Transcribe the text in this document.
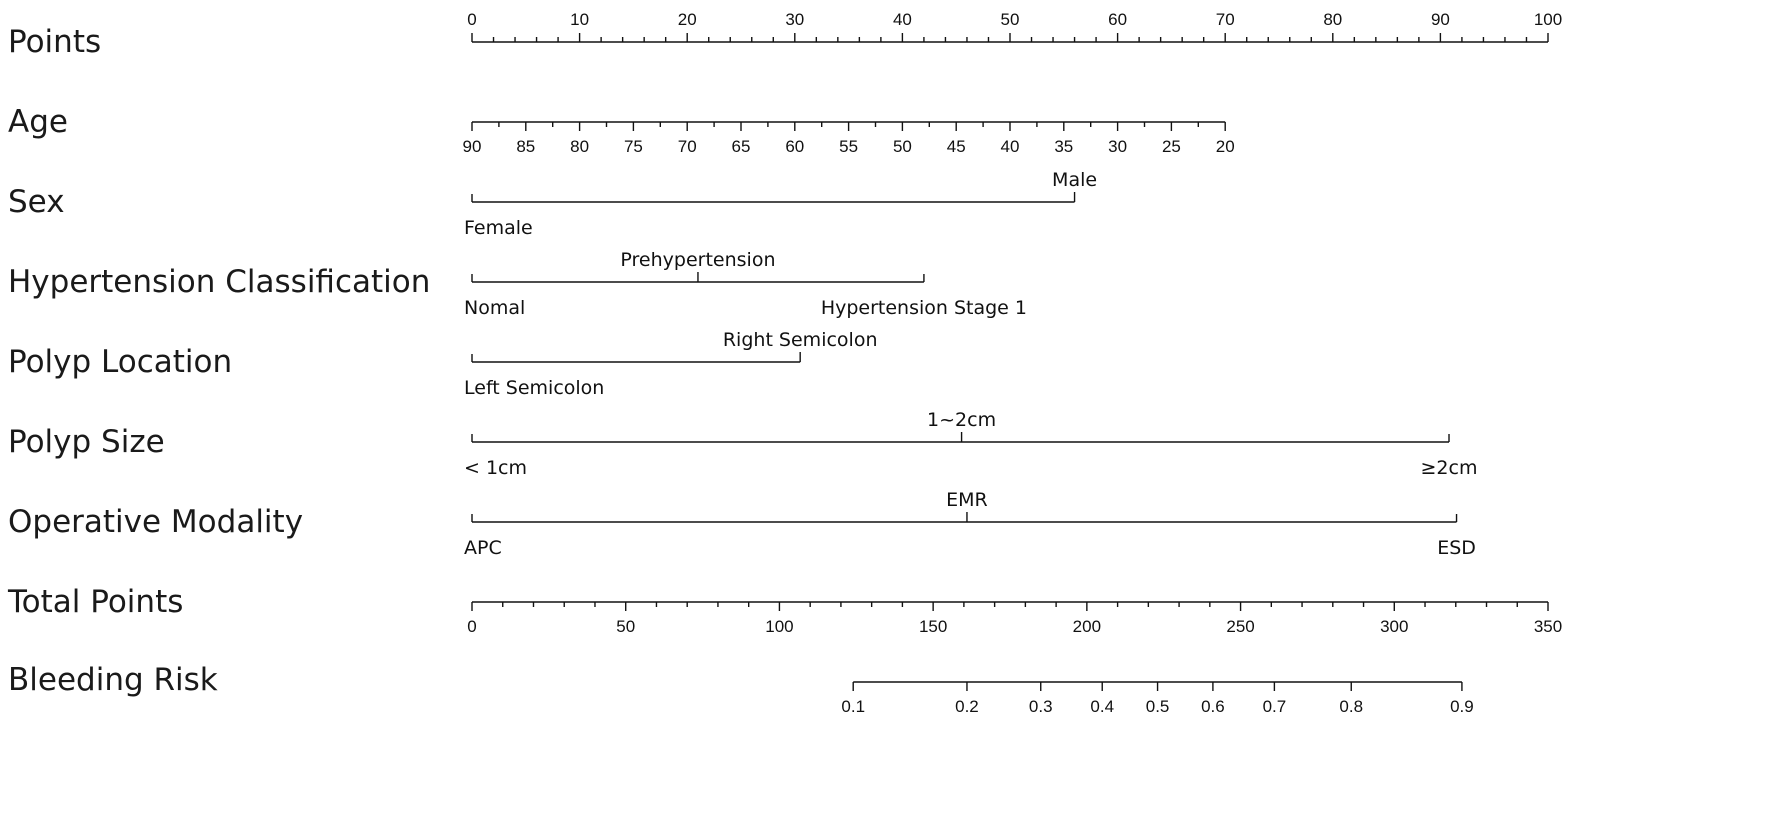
Points
0	10	20	30	40	50	60	70	80	90	100
Age
90 85 80 75 70 65 60 55 50 45 40 35 30 25 20
Sex
Female
Male
Hypertension Classification
Nomal
Prehypertension
Hypertension Stage 1
Polyp Location
Left Semicolon
Right Semicolon
Polyp Size
< 1cm
1~2cm
≥2cm
Operative Modality
APC
EMR
ESD
Total Points
0	50	100	150	200	250	300	350
Bleeding Risk
0.1	0.2	0.3 0.4 0.5 0.6 0.7	0.8	0.9
